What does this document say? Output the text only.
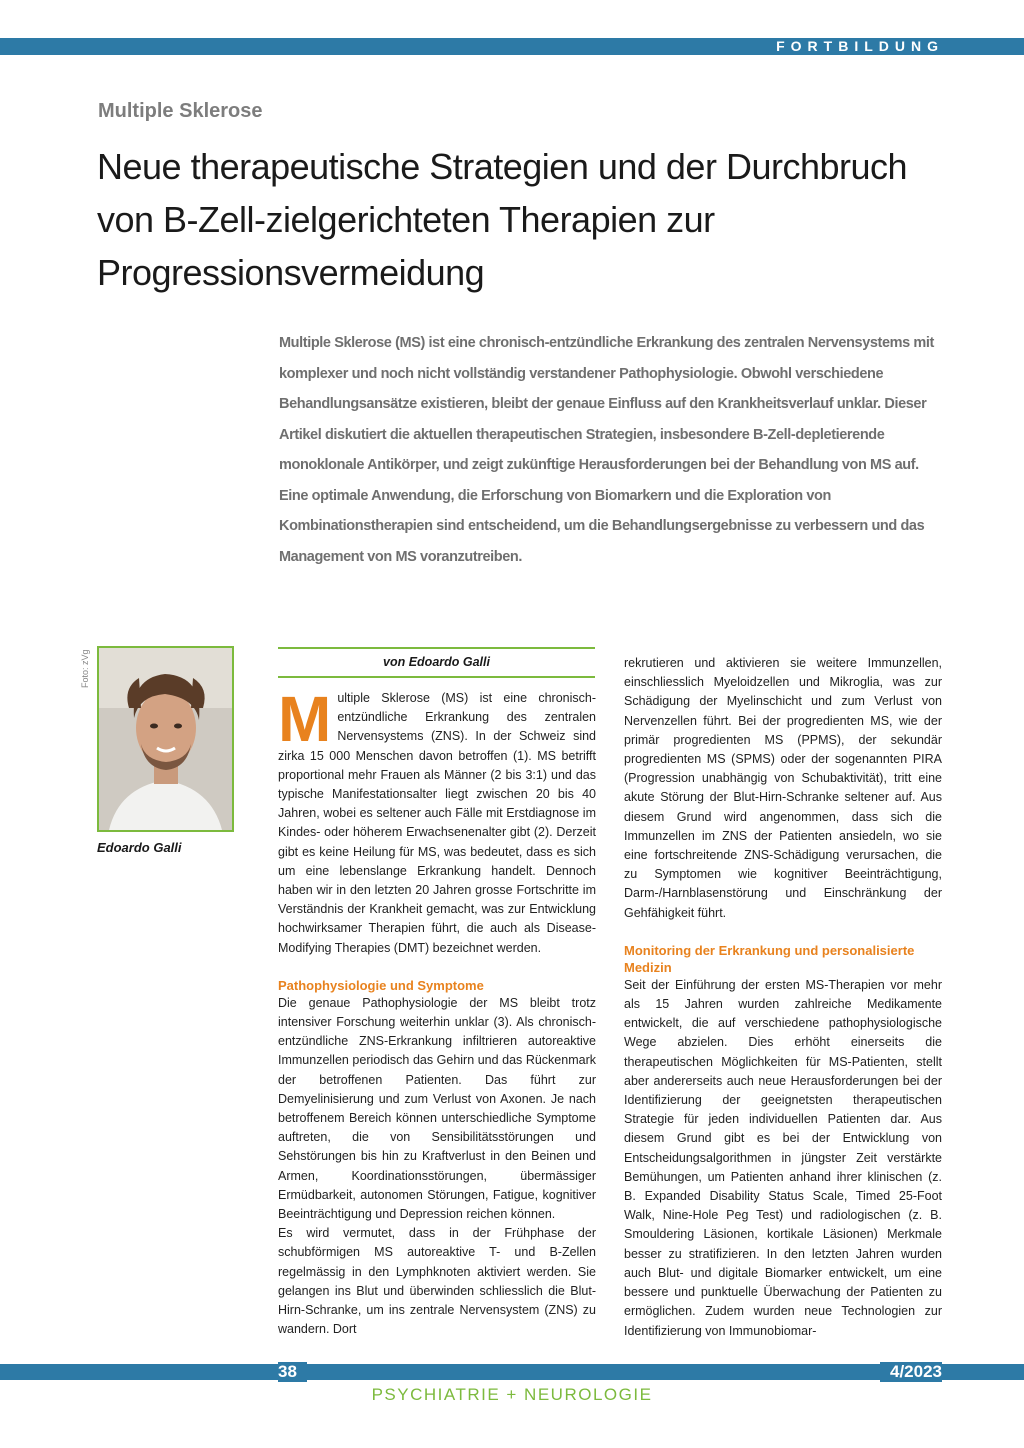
FORTBILDUNG
Multiple Sklerose
Neue therapeutische Strategien und der Durchbruch von B-Zell-zielgerichteten Therapien zur Progressionsvermeidung

Multiple Sklerose (MS) ist eine chronisch-entzündliche Erkrankung des zentralen Nervensystems mit komplexer und noch nicht vollständig verstandener Pathophysiologie. Obwohl verschiedene Behandlungsansätze existieren, bleibt der genaue Einfluss auf den Krankheitsverlauf unklar. Dieser Artikel diskutiert die aktuellen therapeutischen Strategien, insbesondere B-Zell-depletierende monoklonale Antikörper, und zeigt zukünftige Herausforderungen bei der Behandlung von MS auf. Eine optimale Anwendung, die Erforschung von Biomarkern und die Exploration von Kombinationstherapien sind entscheidend, um die Behandlungsergebnisse zu verbessern und das Management von MS voranzutreiben.

Foto: zVg
Edoardo Galli
von Edoardo Galli

Multiple Sklerose (MS) ist eine chronisch-entzündliche Erkrankung des zentralen Nervensystems (ZNS). In der Schweiz sind zirka 15 000 Menschen davon betroffen (1). MS betrifft proportional mehr Frauen als Männer (2 bis 3:1) und das typische Manifestationsalter liegt zwischen 20 bis 40 Jahren, wobei es seltener auch Fälle mit Erstdiagnose im Kindes- oder höherem Erwachsenenalter gibt (2). Derzeit gibt es keine Heilung für MS, was bedeutet, dass es sich um eine lebenslange Erkrankung handelt. Dennoch haben wir in den letzten 20 Jahren grosse Fortschritte im Verständnis der Krankheit gemacht, was zur Entwicklung hochwirksamer Therapien führt, die auch als Disease-Modifying Therapies (DMT) bezeichnet werden.

Pathophysiologie und Symptome

Die genaue Pathophysiologie der MS bleibt trotz intensiver Forschung weiterhin unklar (3). Als chronisch-entzündliche ZNS-Erkrankung infiltrieren autoreaktive Immunzellen periodisch das Gehirn und das Rückenmark der betroffenen Patienten. Das führt zur Demyelinisierung und zum Verlust von Axonen. Je nach betroffenem Bereich können unterschiedliche Symptome auftreten, die von Sensibilitätsstörungen und Sehstörungen bis hin zu Kraftverlust in den Beinen und Armen, Koordinationsstörungen, übermässiger Ermüdbarkeit, autonomen Störungen, Fatigue, kognitiver Beeinträchtigung und Depression reichen können.

Es wird vermutet, dass in der Frühphase der schubförmigen MS autoreaktive T- und B-Zellen regelmässig in den Lymphknoten aktiviert werden. Sie gelangen ins Blut und überwinden schliesslich die Blut-Hirn-Schranke, um ins zentrale Nervensystem (ZNS) zu wandern. Dort

rekrutieren und aktivieren sie weitere Immunzellen, einschliesslich Myeloidzellen und Mikroglia, was zur Schädigung der Myelinschicht und zum Verlust von Nervenzellen führt. Bei der progredienten MS, wie der primär progredienten MS (PPMS), der sekundär progredienten MS (SPMS) oder der sogenannten PIRA (Progression unabhängig von Schubaktivität), tritt eine akute Störung der Blut-Hirn-Schranke seltener auf. Aus diesem Grund wird angenommen, dass sich die Immunzellen im ZNS der Patienten ansiedeln, wo sie eine fortschreitende ZNS-Schädigung verursachen, die zu Symptomen wie kognitiver Beeinträchtigung, Darm-/Harnblasenstörung und Einschränkung der Gehfähigkeit führt.

Monitoring der Erkrankung und personalisierte Medizin

Seit der Einführung der ersten MS-Therapien vor mehr als 15 Jahren wurden zahlreiche Medikamente entwickelt, die auf verschiedene pathophysiologische Wege abzielen. Dies erhöht einerseits die therapeutischen Möglichkeiten für MS-Patienten, stellt aber andererseits auch neue Herausforderungen bei der Identifizierung der geeignetsten therapeutischen Strategie für jeden individuellen Patienten dar. Aus diesem Grund gibt es bei der Entwicklung von Entscheidungsalgorithmen in jüngster Zeit verstärkte Bemühungen, um Patienten anhand ihrer klinischen (z. B. Expanded Disability Status Scale, Timed 25-Foot Walk, Nine-Hole Peg Test) und radiologischen (z. B. Smouldering Läsionen, kortikale Läsionen) Merkmale besser zu stratifizieren. In den letzten Jahren wurden auch Blut- und digitale Biomarker entwickelt, um eine bessere und punktuelle Überwachung der Patienten zu ermöglichen. Zudem wurden neue Technologien zur Identifizierung von Immunobiomar-

38	4/2023
PSYCHIATRIE + NEUROLOGIE
